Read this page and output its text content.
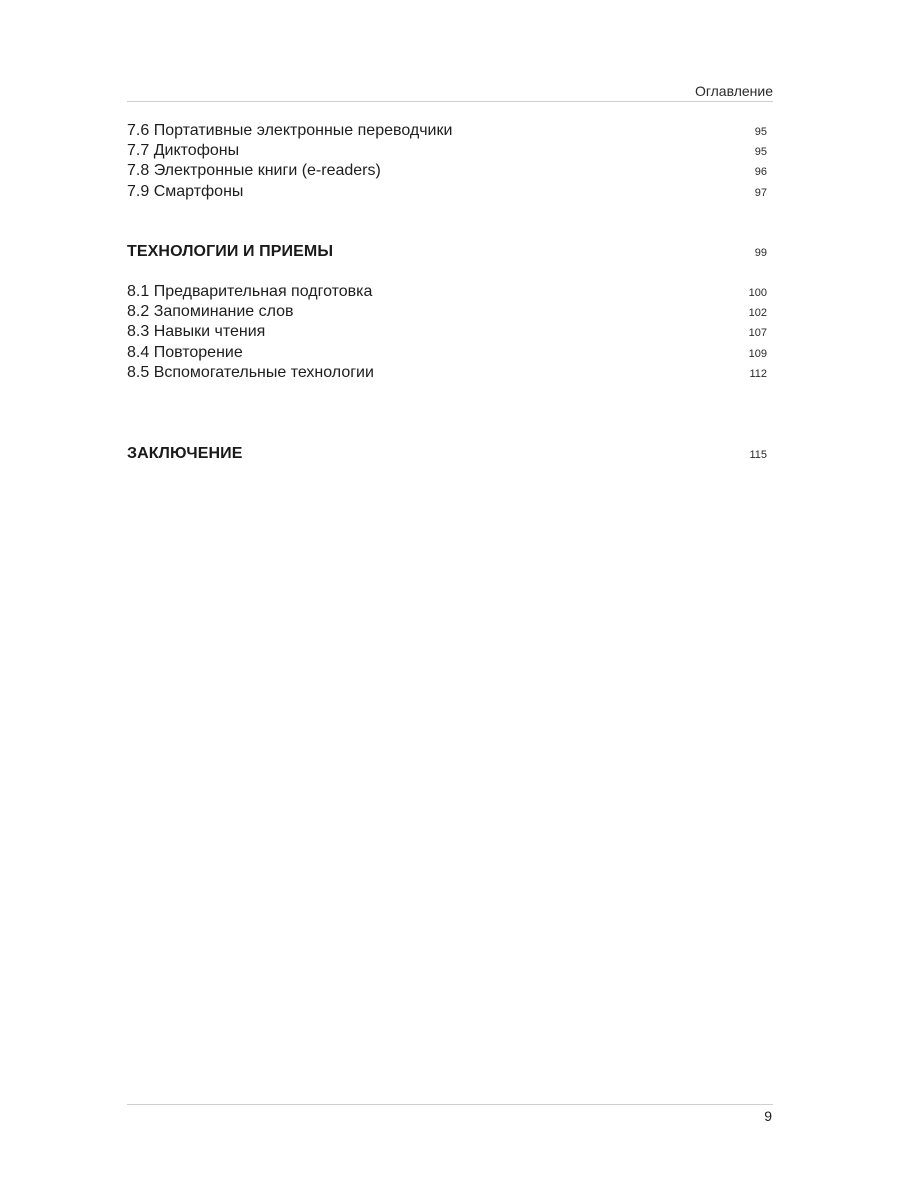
Оглавление
7.6 Портативные электронные переводчики	95
7.7 Диктофоны	95
7.8 Электронные книги (e-readers)	96
7.9 Смартфоны	97
ТЕХНОЛОГИИ И ПРИЕМЫ	99
8.1 Предварительная подготовка	100
8.2 Запоминание слов	102
8.3 Навыки чтения	107
8.4 Повторение	109
8.5 Вспомогательные технологии	112
ЗАКЛЮЧЕНИЕ	115
9
